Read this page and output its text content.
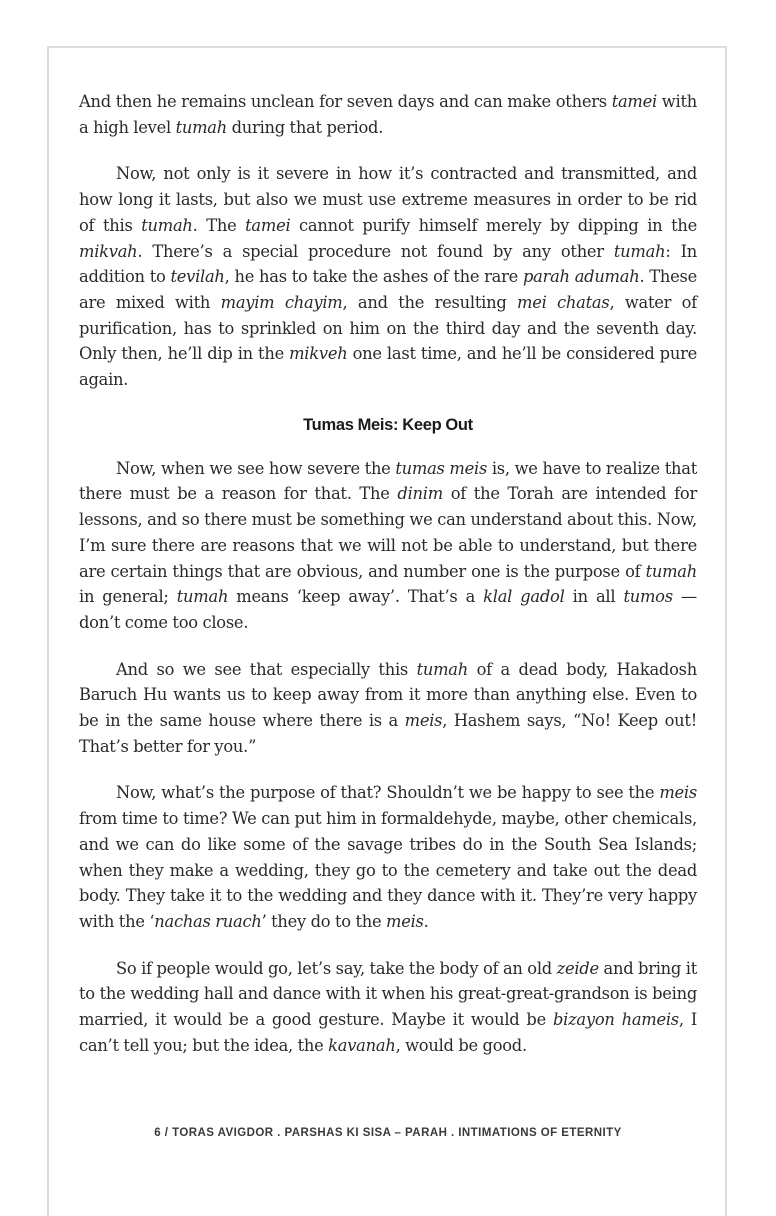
And then he remains unclean for seven days and can make others tamei with a high level tumah during that period.

Now, not only is it severe in how it’s contracted and transmitted, and how long it lasts, but also we must use extreme measures in order to be rid of this tumah. The tamei cannot purify himself merely by dipping in the mikvah. There’s a special procedure not found by any other tumah: In addition to tevilah, he has to take the ashes of the rare parah adumah. These are mixed with mayim chayim, and the resulting mei chatas, water of purification, has to sprinkled on him on the third day and the seventh day. Only then, he’ll dip in the mikveh one last time, and he’ll be considered pure again.

Tumas Meis: Keep Out

Now, when we see how severe the tumas meis is, we have to realize that there must be a reason for that. The dinim of the Torah are intended for lessons, and so there must be something we can understand about this. Now, I’m sure there are reasons that we will not be able to understand, but there are certain things that are obvious, and number one is the purpose of tumah in general; tumah means ‘keep away’. That’s a klal gadol in all tumos — don’t come too close.

And so we see that especially this tumah of a dead body, Hakadosh Baruch Hu wants us to keep away from it more than anything else. Even to be in the same house where there is a meis, Hashem says, “No! Keep out! That’s better for you.”

Now, what’s the purpose of that? Shouldn’t we be happy to see the meis from time to time? We can put him in formaldehyde, maybe, other chemicals, and we can do like some of the savage tribes do in the South Sea Islands; when they make a wedding, they go to the cemetery and take out the dead body. They take it to the wedding and they dance with it. They’re very happy with the ‘nachas ruach’ they do to the meis.

So if people would go, let’s say, take the body of an old zeide and bring it to the wedding hall and dance with it when his great-great-grandson is being married, it would be a good gesture. Maybe it would be bizayon hameis, I can’t tell you; but the idea, the kavanah, would be good.

6 / TORAS AVIGDOR . PARSHAS KI SISA – PARAH . INTIMATIONS OF ETERNITY
